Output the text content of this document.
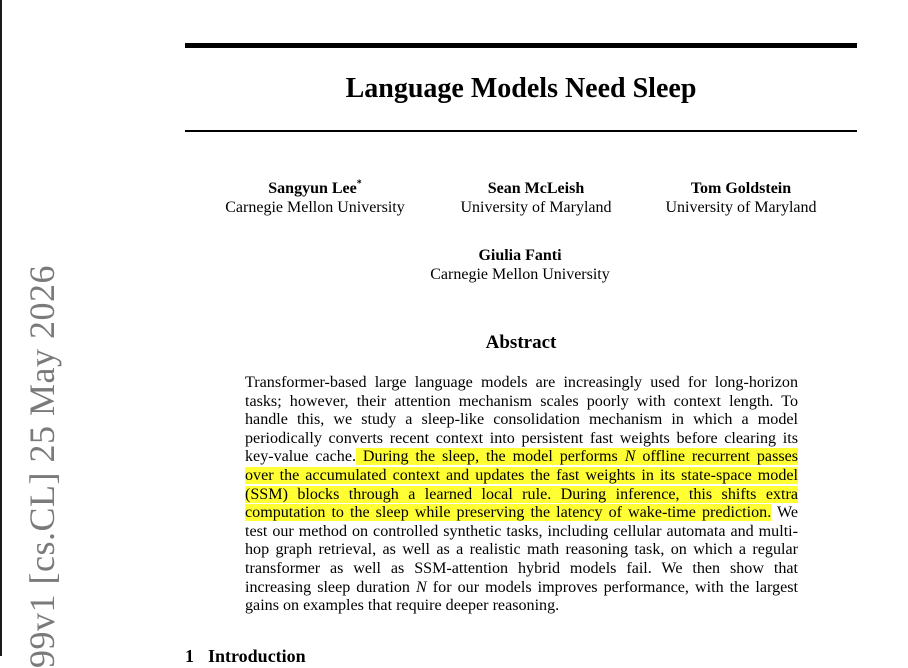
99v1 [cs.CL] 25 May 2026
Language Models Need Sleep
Sangyun Lee*
Carnegie Mellon University
Sean McLeish
University of Maryland
Tom Goldstein
University of Maryland
Giulia Fanti
Carnegie Mellon University
Abstract
Transformer-based large language models are increasingly used for long-horizon tasks; however, their attention mechanism scales poorly with context length. To handle this, we study a sleep-like consolidation mechanism in which a model periodically converts recent context into persistent fast weights before clearing its key-value cache. During the sleep, the model performs N offline recurrent passes over the accumulated context and updates the fast weights in its state-space model (SSM) blocks through a learned local rule. During inference, this shifts extra computation to the sleep while preserving the latency of wake-time prediction. We test our method on controlled synthetic tasks, including cellular automata and multi-hop graph retrieval, as well as a realistic math reasoning task, on which a regular transformer as well as SSM-attention hybrid models fail. We then show that increasing sleep duration N for our models improves performance, with the largest gains on examples that require deeper reasoning.
1 Introduction
